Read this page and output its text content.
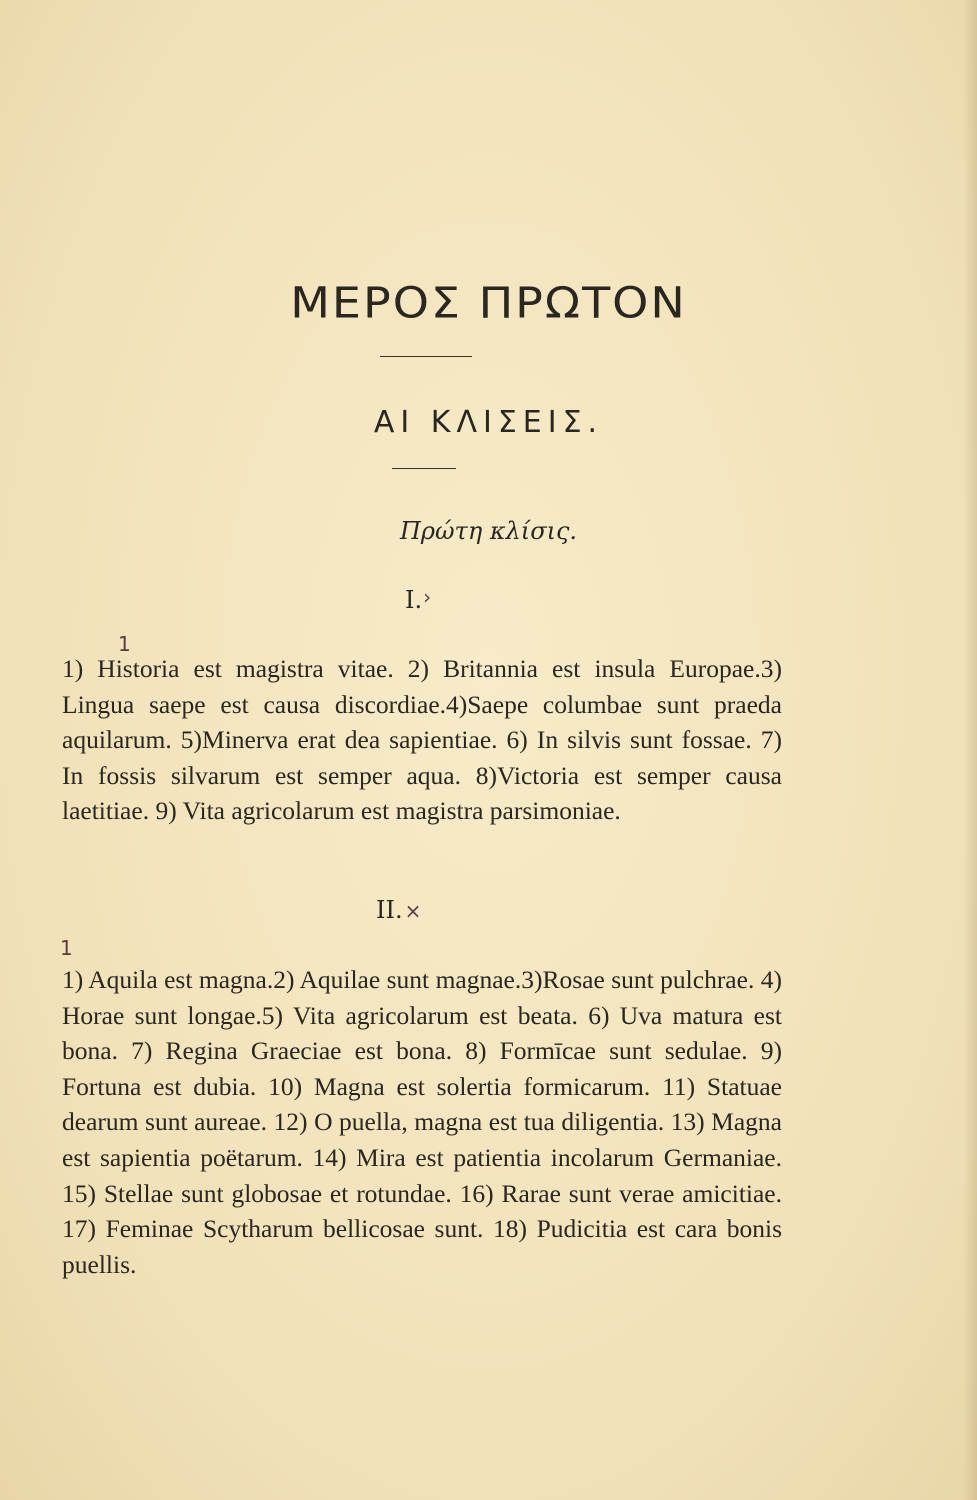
ΜΕΡΟΣ ΠΡΩΤΟΝ
ΑΙ ΚΛΙΣΕΙΣ.
Πρώτη κλίσις.
I.›
1

1) Historia est magistra vitae. 2) Britannia est insula Europae.3) Lingua saepe est causa discordiae.4)Saepe columbae sunt praeda aquilarum. 5)Minerva erat dea sapientiae. 6) In silvis sunt fossae. 7) In fossis silvarum est semper aqua. 8)Victoria est semper causa laetitiae. 9) Vita agricolarum est magistra parsimoniae.

II. ×
1

1) Aquila est magna.2) Aquilae sunt magnae.3)Rosae sunt pulchrae. 4) Horae sunt longae.5) Vita agricolarum est beata. 6) Uva matura est bona. 7) Regina Graeciae est bona. 8) Formīcae sunt sedulae. 9) Fortuna est dubia. 10) Magna est solertia formicarum. 11) Statuae dearum sunt aureae. 12) O puella, magna est tua diligentia. 13) Magna est sapientia poëtarum. 14) Mira est patientia incolarum Germaniae. 15) Stellae sunt globosae et rotundae. 16) Rarae sunt verae amicitiae. 17) Feminae Scytharum bellicosae sunt. 18) Pudicitia est cara bonis puellis.
